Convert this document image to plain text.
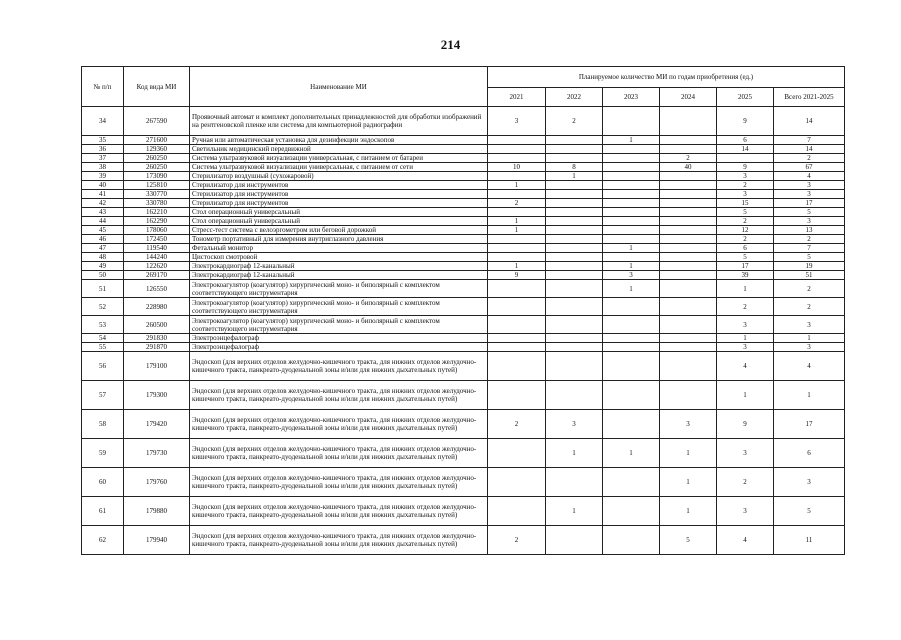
214
№ п/п	Код вида МИ	Наименование МИ	Планируемое количество МИ по годам приобретения (ед.)					
			2021	2022	2023	2024	2025	Всего 2021-2025
34	267590	Проявочный автомат и комплект дополнительных принадлежностей для обработки изображений на рентгеновской пленке или система для компьютерной радиографии	3	2			9	14
35	271600	Ручная или автоматическая установка для дезинфекции эндоскопов			1		6	7
36	129360	Светильник медицинский передвижной					14	14
37	260250	Система ультразвуковой визуализации универсальная, с питанием от батареи				2		2
38	260250	Система ультразвуковой визуализации универсальная, с питанием от сети	10	8		40	9	67
39	173090	Стерилизатор воздушный (сухожаровой)		1			3	4
40	125810	Стерилизатор для инструментов	1				2	3
41	330770	Стерилизатор для инструментов					3	3
42	330780	Стерилизатор для инструментов	2				15	17
43	162210	Стол операционный универсальный					5	5
44	162290	Стол операционный универсальный	1				2	3
45	178060	Стресс-тест система с велоэргометром или беговой дорожкой	1				12	13
46	172450	Тонометр портативный для измерения внутриглазного давления					2	2
47	119540	Фетальный монитор			1		6	7
48	144240	Цистоскоп смотровой					5	5
49	122620	Электрокардиограф 12-канальный	1		1		17	19
50	269170	Электрокардиограф 12-канальный	9		3		39	51
51	126550	Электрокоагулятор (коагулятор) хирургический моно- и биполярный с комплектом соответствующего инструментария			1		1	2
52	228980	Электрокоагулятор (коагулятор) хирургический моно- и биполярный с комплектом соответствующего инструментария					2	2
53	260500	Электрокоагулятор (коагулятор) хирургический моно- и биполярный с комплектом соответствующего инструментария					3	3
54	291830	Электроэнцефалограф					1	1
55	291870	Электроэнцефалограф					3	3
56	179100	Эндоскоп (для верхних отделов желудочно-кишечного тракта, для нижних отделов желудочно-кишечного тракта, панкреато-дуоденальной зоны и/или для нижних дыхательных путей)					4	4
57	179300	Эндоскоп (для верхних отделов желудочно-кишечного тракта, для нижних отделов желудочно-кишечного тракта, панкреато-дуоденальной зоны и/или для нижних дыхательных путей)					1	1
58	179420	Эндоскоп (для верхних отделов желудочно-кишечного тракта, для нижних отделов желудочно-кишечного тракта, панкреато-дуоденальной зоны и/или для нижних дыхательных путей)	2	3		3	9	17
59	179730	Эндоскоп (для верхних отделов желудочно-кишечного тракта, для нижних отделов желудочно-кишечного тракта, панкреато-дуоденальной зоны и/или для нижних дыхательных путей)		1	1	1	3	6
60	179760	Эндоскоп (для верхних отделов желудочно-кишечного тракта, для нижних отделов желудочно-кишечного тракта, панкреато-дуоденальной зоны и/или для нижних дыхательных путей)				1	2	3
61	179880	Эндоскоп (для верхних отделов желудочно-кишечного тракта, для нижних отделов желудочно-кишечного тракта, панкреато-дуоденальной зоны и/или для нижних дыхательных путей)		1		1	3	5
62	179940	Эндоскоп (для верхних отделов желудочно-кишечного тракта, для нижних отделов желудочно-кишечного тракта, панкреато-дуоденальной зоны и/или для нижних дыхательных путей)	2			5	4	11
